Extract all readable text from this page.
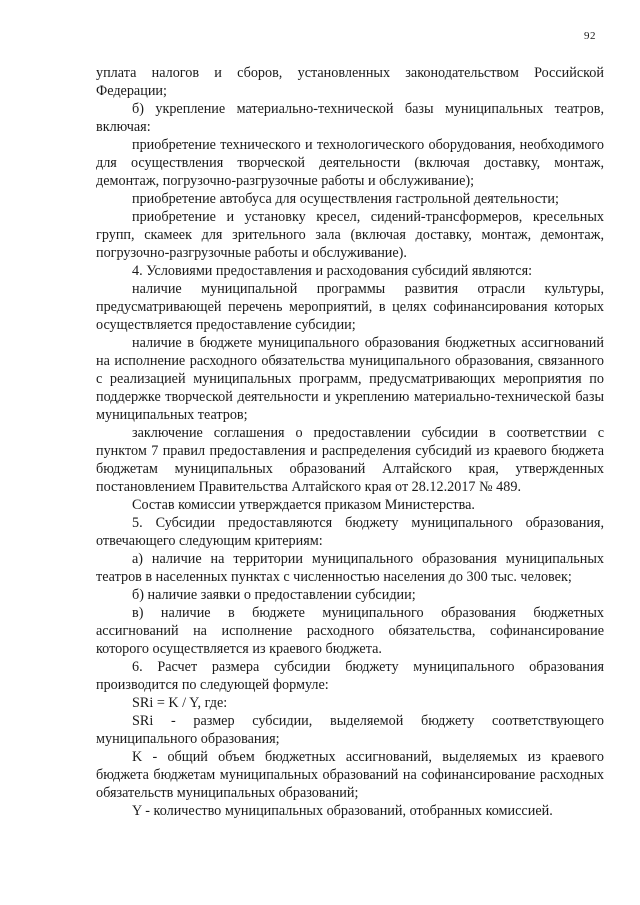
92

уплата налогов и сборов, установленных законодательством Российской Федерации;

б) укрепление материально-технической базы муниципальных театров, включая:

приобретение технического и технологического оборудования, необходимого для осуществления творческой деятельности (включая доставку, монтаж, демонтаж, погрузочно-разгрузочные работы и обслуживание);

приобретение автобуса для осуществления гастрольной деятельности;

приобретение и установку кресел, сидений-трансформеров, кресельных групп, скамеек для зрительного зала (включая доставку, монтаж, демонтаж, погрузочно-разгрузочные работы и обслуживание).

4. Условиями предоставления и расходования субсидий являются:

наличие муниципальной программы развития отрасли культуры, предусматривающей перечень мероприятий, в целях софинансирования которых осуществляется предоставление субсидии;

наличие в бюджете муниципального образования бюджетных ассигнований на исполнение расходного обязательства муниципального образования, связанного с реализацией муниципальных программ, предусматривающих мероприятия по поддержке творческой деятельности и укреплению материально-технической базы муниципальных театров;

заключение соглашения о предоставлении субсидии в соответствии с пунктом 7 правил предоставления и распределения субсидий из краевого бюджета бюджетам муниципальных образований Алтайского края, утвержденных постановлением Правительства Алтайского края от 28.12.2017 № 489.

Состав комиссии утверждается приказом Министерства.

5. Субсидии предоставляются бюджету муниципального образования, отвечающего следующим критериям:

а) наличие на территории муниципального образования муниципальных театров в населенных пунктах с численностью населения до 300 тыс. человек;

б) наличие заявки о предоставлении субсидии;

в) наличие в бюджете муниципального образования бюджетных ассигнований на исполнение расходного обязательства, софинансирование которого осуществляется из краевого бюджета.

6. Расчет размера субсидии бюджету муниципального образования производится по следующей формуле:

SRi = K / Y, где:

SRi - размер субсидии, выделяемой бюджету соответствующего муниципального образования;

K - общий объем бюджетных ассигнований, выделяемых из краевого бюджета бюджетам муниципальных образований на софинансирование расходных обязательств муниципальных образований;

Y - количество муниципальных образований, отобранных комиссией.
